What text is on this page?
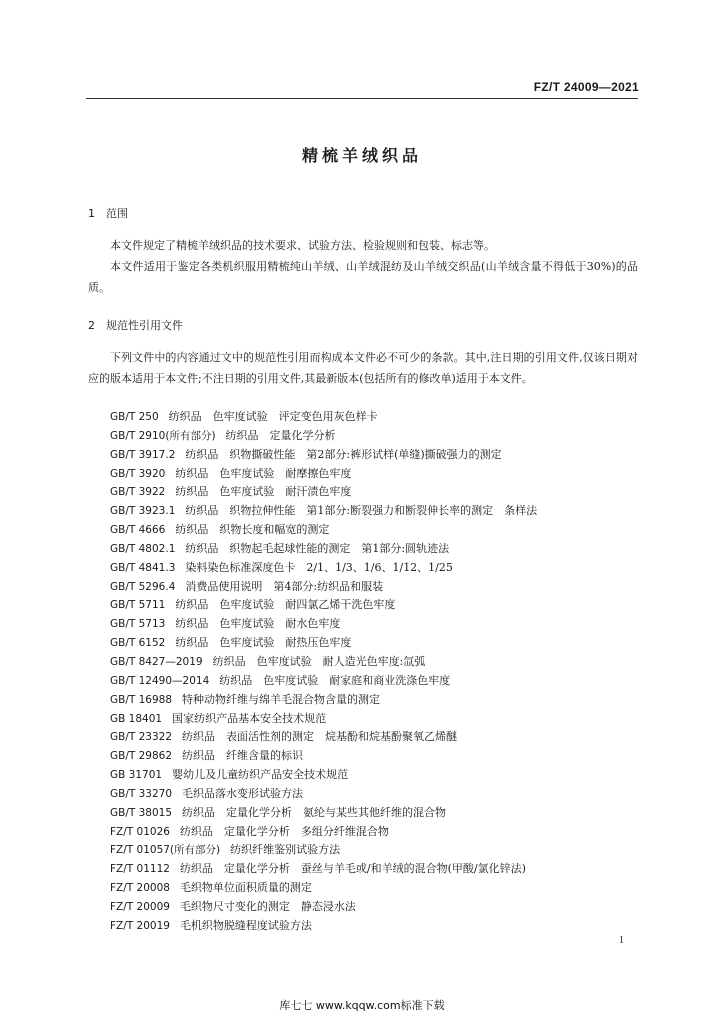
FZ/T 24009—2021
精梳羊绒织品
1 范围

本文件规定了精梳羊绒织品的技术要求、试验方法、检验规则和包装、标志等。

本文件适用于鉴定各类机织服用精梳纯山羊绒、山羊绒混纺及山羊绒交织品(山羊绒含量不得低于30%)的品质。

2 规范性引用文件

下列文件中的内容通过文中的规范性引用而构成本文件必不可少的条款。其中,注日期的引用文件,仅该日期对应的版本适用于本文件;不注日期的引用文件,其最新版本(包括所有的修改单)适用于本文件。

GB/T 250 纺织品　色牢度试验　评定变色用灰色样卡
GB/T 2910(所有部分) 纺织品　定量化学分析
GB/T 3917.2 纺织品　织物撕破性能　第2部分:裤形试样(单缝)撕破强力的测定
GB/T 3920 纺织品　色牢度试验　耐摩擦色牢度
GB/T 3922 纺织品　色牢度试验　耐汗渍色牢度
GB/T 3923.1 纺织品　织物拉伸性能　第1部分:断裂强力和断裂伸长率的测定　条样法
GB/T 4666 纺织品　织物长度和幅宽的测定
GB/T 4802.1 纺织品　织物起毛起球性能的测定　第1部分:圆轨迹法
GB/T 4841.3 染料染色标准深度色卡　2/1、1/3、1/6、1/12、1/25
GB/T 5296.4 消费品使用说明　第4部分:纺织品和服装
GB/T 5711 纺织品　色牢度试验　耐四氯乙烯干洗色牢度
GB/T 5713 纺织品　色牢度试验　耐水色牢度
GB/T 6152 纺织品　色牢度试验　耐热压色牢度
GB/T 8427—2019 纺织品　色牢度试验　耐人造光色牢度:氙弧
GB/T 12490—2014 纺织品　色牢度试验　耐家庭和商业洗涤色牢度
GB/T 16988 特种动物纤维与绵羊毛混合物含量的测定
GB 18401 国家纺织产品基本安全技术规范
GB/T 23322 纺织品　表面活性剂的测定　烷基酚和烷基酚聚氧乙烯醚
GB/T 29862 纺织品　纤维含量的标识
GB 31701 婴幼儿及儿童纺织产品安全技术规范
GB/T 33270 毛织品落水变形试验方法
GB/T 38015 纺织品　定量化学分析　氨纶与某些其他纤维的混合物
FZ/T 01026 纺织品　定量化学分析　多组分纤维混合物
FZ/T 01057(所有部分) 纺织纤维鉴别试验方法
FZ/T 01112 纺织品　定量化学分析　蚕丝与羊毛或/和羊绒的混合物(甲酸/氯化锌法)
FZ/T 20008 毛织物单位面积质量的测定
FZ/T 20009 毛织物尺寸变化的测定　静态浸水法
FZ/T 20019 毛机织物脱缝程度试验方法
1
库七七 www.kqqw.com标准下载
